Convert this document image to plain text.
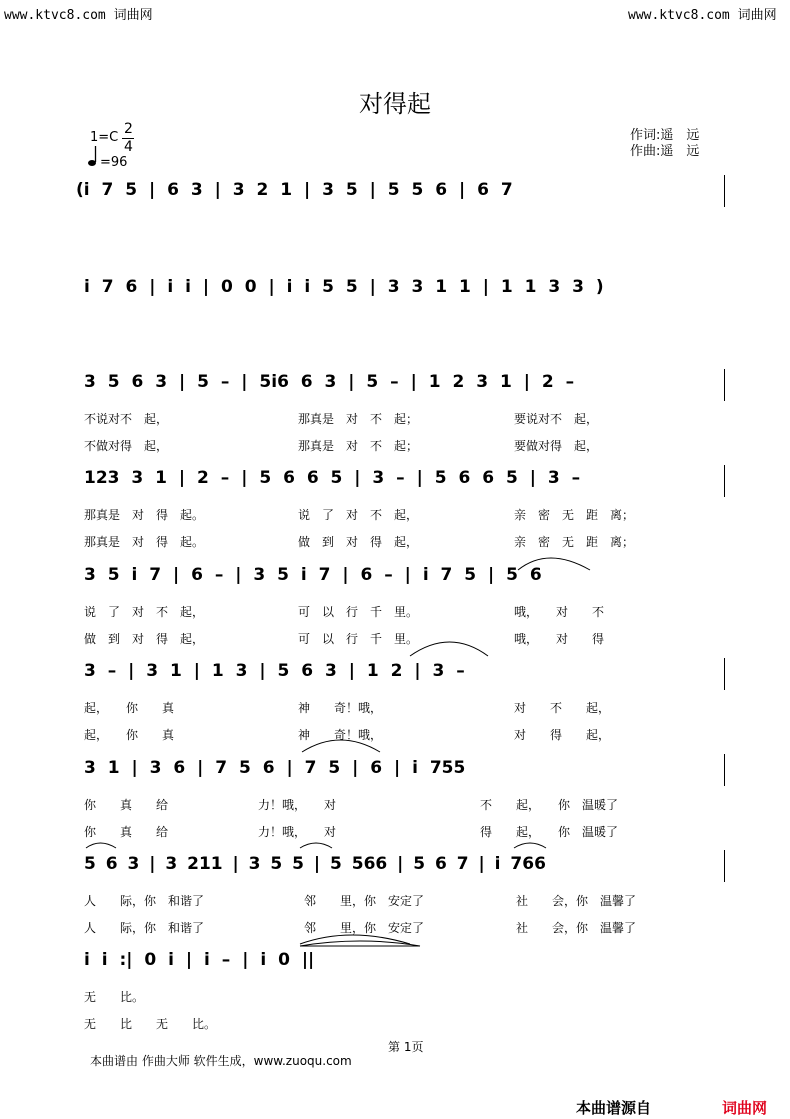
www.ktvc8.com 词曲网	www.ktvc8.com 词曲网
对得起
1=C
2
4
=96
作词:遥　远
作曲:遥　远
(i 7 5 | 6 3 | 3 2 1 | 3 5 | 5 5 6 | 6 7
i 7 6 | i i | 0 0 | i i 5 5 | 3 3 1 1 | 1 1 3 3 )
3 5 6 3 | 5 – | 5i6 6 3 | 5 – | 1 2 3 1 | 2 –
不说对不　起，	那真是　对　不　起；	要说对不　起，
不做对得　起，	那真是　对　不　起；	要做对得　起，
123 3 1 | 2 – | 5 6 6 5 | 3 – | 5 6 6 5 | 3 –
那真是　对　得　起。	说　了　对　不　起，	亲　密　无　距　离；
那真是　对　得　起。	做　到　对　得　起，	亲　密　无　距　离；
3 5 i 7 | 6 – | 3 5 i 7 | 6 – | i 7 5 | 5 6
说　了　对　不　起，	可　以　行　千　里。	哦，　　对　　不
做　到　对　得　起，	可　以　行　千　里。	哦，　　对　　得
3 – | 3 1 | 1 3 | 5 6 3 | 1 2 | 3 –
起，　　你　　真	神　　奇！哦，	对　　不　　起，
起，　　你　　真	神　　奇！哦，	对　　得　　起，
3 1 | 3 6 | 7 5 6 | 7 5 | 6 | i 755
你　　真　　给	力！哦，　　对	不　　起，　　你　温暖了
你　　真　　给	力！哦，　　对	得　　起，　　你　温暖了
5 6 3 | 3 211 | 3 5 5 | 5 566 | 5 6 7 | i 766
人　　际，你　和谐了	邻　　里，你　安定了	社　　会，你　温馨了
人　　际，你　和谐了	邻　　里，你　安定了	社　　会，你　温馨了
i i :| 0 i | i – | i 0 ||
无　　比。
无　　比　　无　　比。
第 1页
本曲谱由 作曲大师 软件生成，www.zuoqu.com
本曲谱源自	词曲网
